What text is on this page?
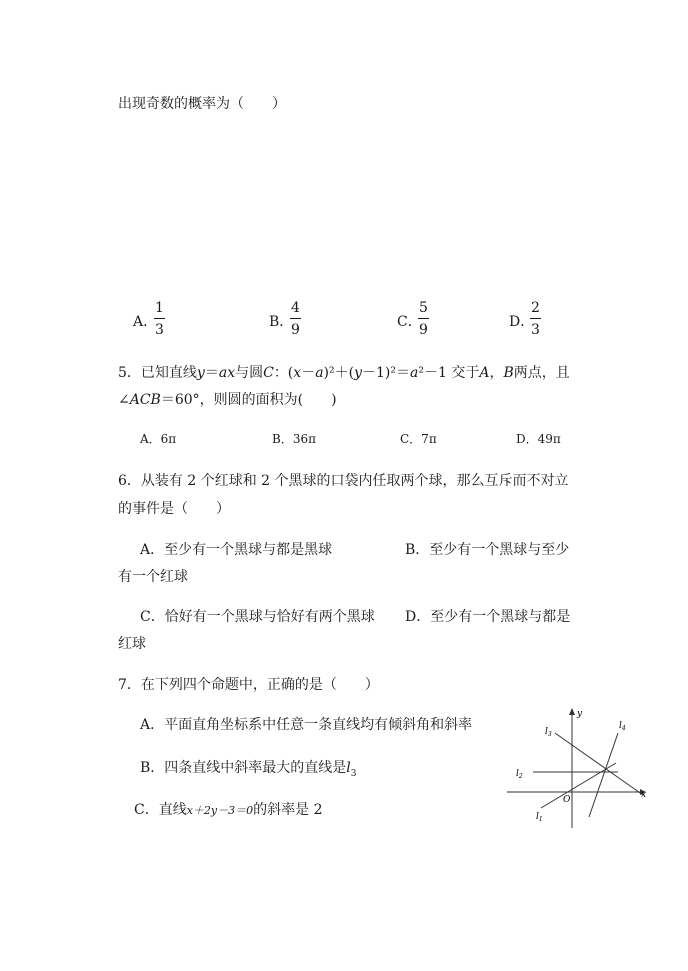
出现奇数的概率为（　　）
A．
1
3	B．
4
9	C．
5
9	D．
2
3
5．已知直线y＝ax与圆C：(x－a)²＋(y－1)²＝a²－1 交于A，B两点，且
∠ACB＝60°，则圆的面积为(　　)
A．6π	B．36π	C．7π	D．49π
6．从装有 2 个红球和 2 个黑球的口袋内任取两个球，那么互斥而不对立
的事件是（　　）
A．至少有一个黑球与都是黑球	B．至少有一个黑球与至少
有一个红球
C．恰好有一个黑球与恰好有两个黑球 D．至少有一个黑球与都是
红球
7．在下列四个命题中，正确的是（　　）
A．平面直角坐标系中任意一条直线均有倾斜角和斜率
B．四条直线中斜率最大的直线是$l_3$
C．直线x＋2y－3＝0的斜率是 2
y
x
O
$l_3$
$l_4$
$l_2$
$l_1$
